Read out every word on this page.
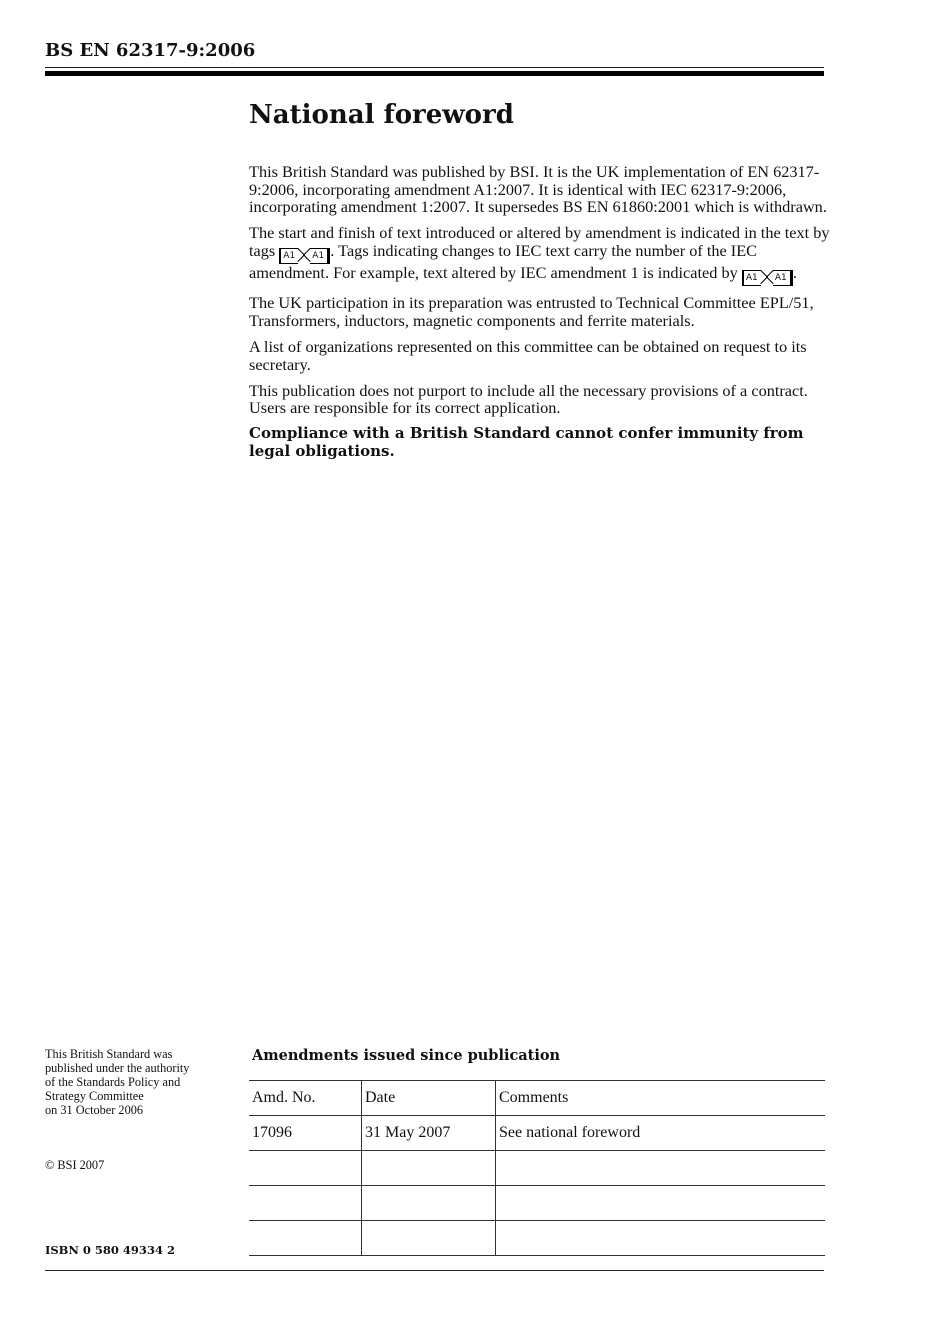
BS EN 62317-9:2006
National foreword

This British Standard was published by BSI. It is the UK implementation of EN 62317-9:2006, incorporating amendment A1:2007. It is identical with IEC 62317-9:2006, incorporating amendment 1:2007. It supersedes BS EN 61860:2001 which is withdrawn.

The start and finish of text introduced or altered by amendment is indicated in the text by tags A1 A1 . Tags indicating changes to IEC text carry the number of the IEC amendment. For example, text altered by IEC amendment 1 is indicated by A1 A1 .

The UK participation in its preparation was entrusted to Technical Committee EPL/51, Transformers, inductors, magnetic components and ferrite materials.

A list of organizations represented on this committee can be obtained on request to its secretary.

This publication does not purport to include all the necessary provisions of a contract. Users are responsible for its correct application.

Compliance with a British Standard cannot confer immunity from legal obligations.

This British Standard was
published under the authority
of the Standards Policy and
Strategy Committee
on 31 October 2006
© BSI 2007
ISBN 0 580 49334 2
Amendments issued since publication
Amd. No.	Date	Comments
17096	31 May 2007	See national foreword
